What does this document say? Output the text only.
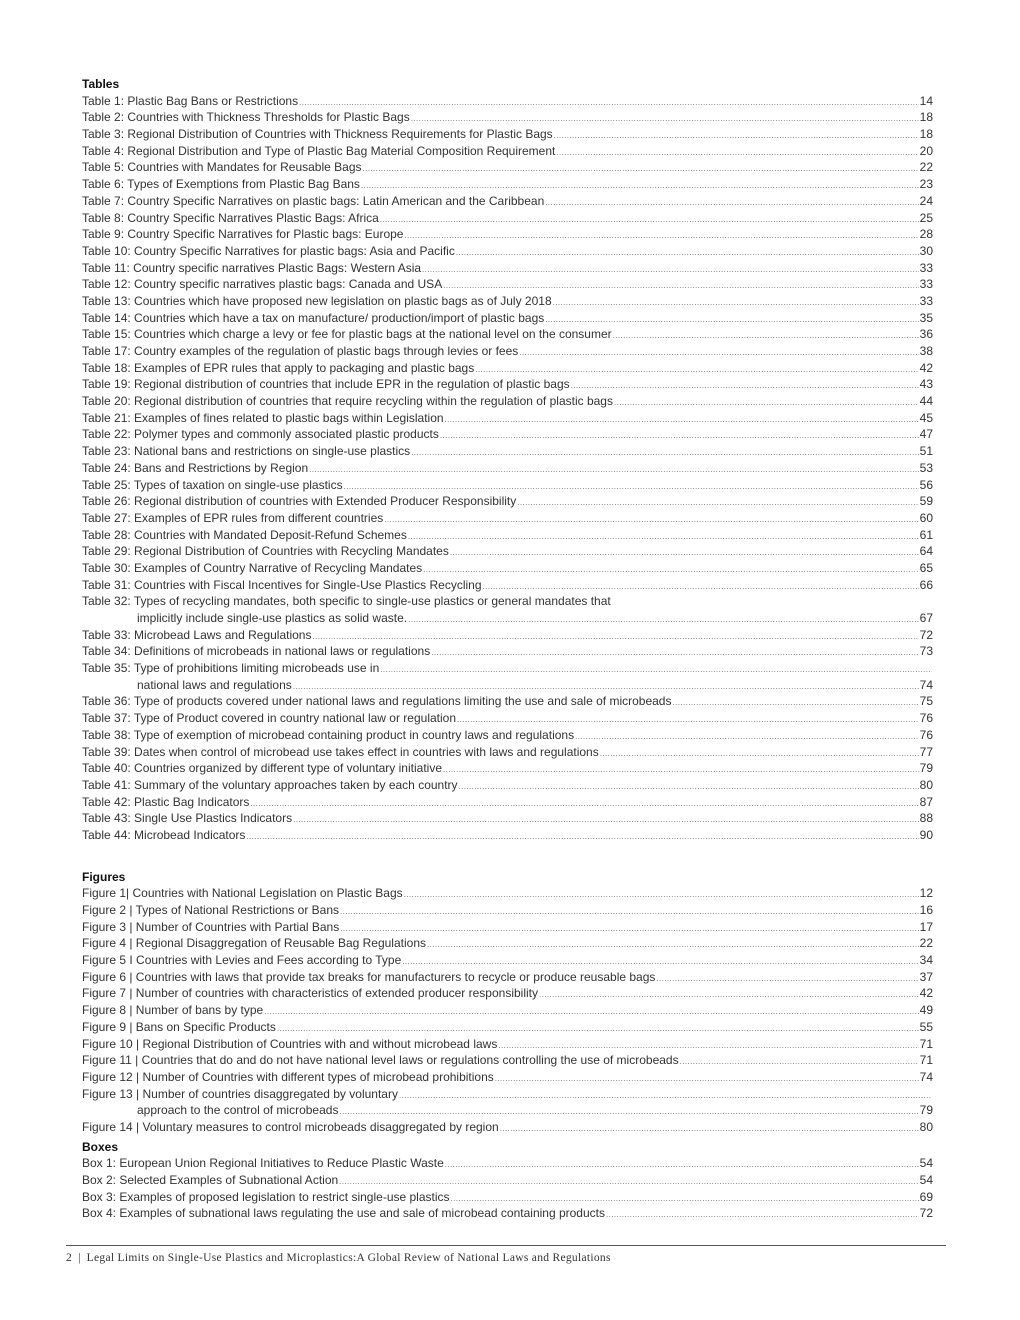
Tables
Table 1: Plastic Bag Bans or Restrictions .....	14
Table 2: Countries with Thickness Thresholds for Plastic Bags .....	18
Table 3: Regional Distribution of Countries with Thickness Requirements for Plastic Bags .....	18
Table 4: Regional Distribution and Type of Plastic Bag Material Composition Requirement .....	20
Table 5: Countries with Mandates for Reusable Bags .....	22
Table 6: Types of Exemptions from Plastic Bag Bans .....	23
Table 7: Country Specific Narratives on plastic bags: Latin American and the Caribbean .....	24
Table 8: Country Specific Narratives Plastic Bags: Africa .....	25
Table 9: Country Specific Narratives for Plastic bags: Europe .....	28
Table 10: Country Specific Narratives for plastic bags: Asia and Pacific .....	30
Table 11: Country specific narratives Plastic Bags: Western Asia .....	33
Table 12: Country specific narratives plastic bags: Canada and USA .....	33
Table 13: Countries which have proposed new legislation on plastic bags as of July 2018 .....	33
Table 14: Countries which have a tax on manufacture/ production/import of plastic bags .....	35
Table 15: Countries which charge a levy or fee for plastic bags at the national level on the consumer .....	36
Table 17: Country examples of the regulation of plastic bags through levies or fees .....	38
Table 18: Examples of EPR rules that apply to packaging and plastic bags .....	42
Table 19: Regional distribution of countries that include EPR in the regulation of plastic bags .....	43
Table 20: Regional distribution of countries that require recycling within the regulation of plastic bags .....	44
Table 21: Examples of fines related to plastic bags within Legislation .....	45
Table 22: Polymer types and commonly associated plastic products .....	47
Table 23: National bans and restrictions on single-use plastics .....	51
Table 24: Bans and Restrictions by Region .....	53
Table 25: Types of taxation on single-use plastics .....	56
Table 26: Regional distribution of countries with Extended Producer Responsibility .....	59
Table 27: Examples of EPR rules from different countries .....	60
Table 28: Countries with Mandated Deposit-Refund Schemes .....	61
Table 29: Regional Distribution of Countries with Recycling Mandates .....	64
Table 30: Examples of Country Narrative of Recycling Mandates .....	65
Table 31: Countries with Fiscal Incentives for Single-Use Plastics Recycling .....	66
Table 32: Types of recycling mandates, both specific to single-use plastics or general mandates that
implicitly include single-use plastics as solid waste. .....	67
Table 33: Microbead Laws and Regulations .....	72
Table 34: Definitions of microbeads in national laws or regulations .....	73
Table 35: Type of prohibitions limiting microbeads use in
.....
national laws and regulations .....	74
Table 36: Type of products covered under national laws and regulations limiting the use and sale of microbeads .....	75
Table 37: Type of Product covered in country national law or regulation .....	76
Table 38: Type of exemption of microbead containing product in country laws and regulations .....	76
Table 39: Dates when control of microbead use takes effect in countries with laws and regulations .....	77
Table 40: Countries organized by different type of voluntary initiative .....	79
Table 41: Summary of the voluntary approaches taken by each country .....	80
Table 42: Plastic Bag Indicators .....	87
Table 43: Single Use Plastics Indicators .....	88
Table 44: Microbead Indicators .....	90
Figures
Figure 1| Countries with National Legislation on Plastic Bags .....	12
Figure 2 | Types of National Restrictions or Bans .....	16
Figure 3 | Number of Countries with Partial Bans .....	17
Figure 4 | Regional Disaggregation of Reusable Bag Regulations .....	22
Figure 5 I Countries with Levies and Fees according to Type .....	34
Figure 6 | Countries with laws that provide tax breaks for manufacturers to recycle or produce reusable bags .....	37
Figure 7 | Number of countries with characteristics of extended producer responsibility .....	42
Figure 8 | Number of bans by type .....	49
Figure 9 | Bans on Specific Products .....	55
Figure 10 | Regional Distribution of Countries with and without microbead laws .....	71
Figure 11 | Countries that do and do not have national level laws or regulations controlling the use of microbeads .....	71
Figure 12 | Number of Countries with different types of microbead prohibitions .....	74
Figure 13 | Number of countries disaggregated by voluntary
.....
approach to the control of microbeads .....	79
Figure 14 | Voluntary measures to control microbeads disaggregated by region .....	80
Boxes
Box 1: European Union Regional Initiatives to Reduce Plastic Waste .....	54
Box 2: Selected Examples of Subnational Action .....	54
Box 3: Examples of proposed legislation to restrict single-use plastics .....	69
Box 4: Examples of subnational laws regulating the use and sale of microbead containing products .....	72
2 | Legal Limits on Single-Use Plastics and Microplastics:A Global Review of National Laws and Regulations
